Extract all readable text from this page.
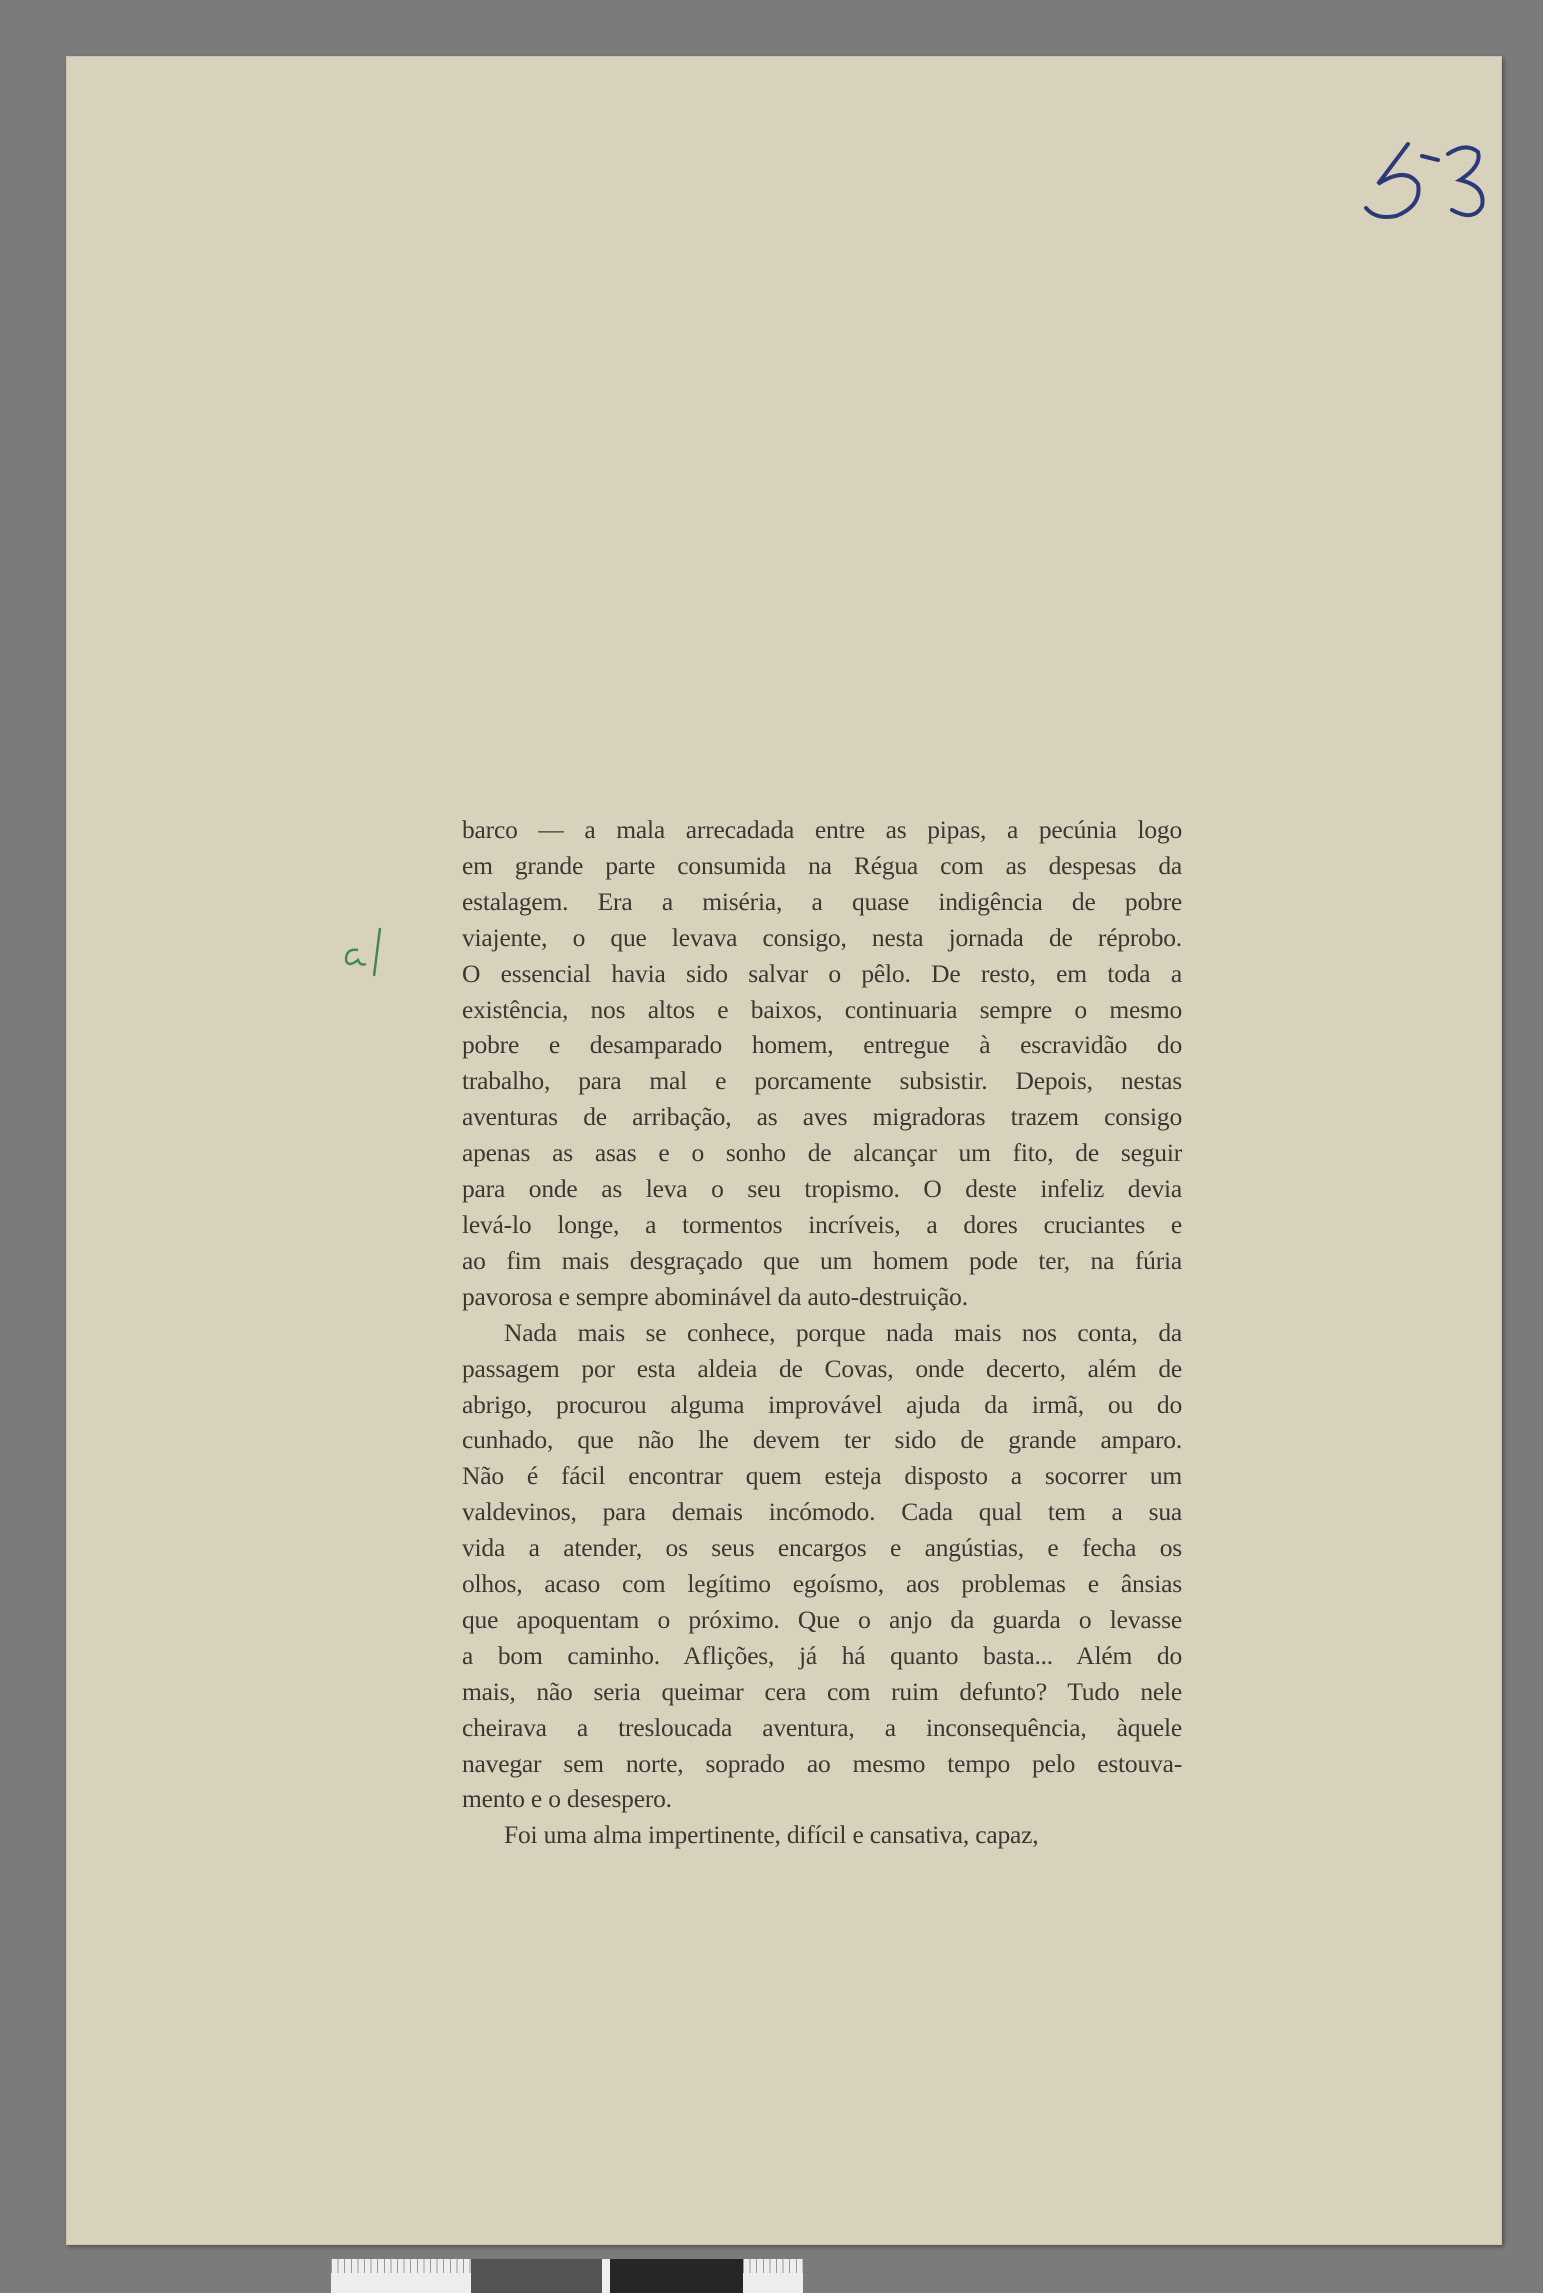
barco — a mala arrecadada entre as pipas, a pecúnia logo
em grande parte consumida na Régua com as despesas da
estalagem. Era a miséria, a quase indigência de pobre
viajente, o que levava consigo, nesta jornada de réprobo.
O essencial havia sido salvar o pêlo. De resto, em toda a
existência, nos altos e baixos, continuaria sempre o mesmo
pobre e desamparado homem, entregue à escravidão do
trabalho, para mal e porcamente subsistir. Depois, nestas
aventuras de arribação, as aves migradoras trazem consigo
apenas as asas e o sonho de alcançar um fito, de seguir
para onde as leva o seu tropismo. O deste infeliz devia
levá-lo longe, a tormentos incríveis, a dores cruciantes e
ao fim mais desgraçado que um homem pode ter, na fúria
pavorosa e sempre abominável da auto-destruição.
Nada mais se conhece, porque nada mais nos conta, da
passagem por esta aldeia de Covas, onde decerto, além de
abrigo, procurou alguma improvável ajuda da irmã, ou do
cunhado, que não lhe devem ter sido de grande amparo.
Não é fácil encontrar quem esteja disposto a socorrer um
valdevinos, para demais incómodo. Cada qual tem a sua
vida a atender, os seus encargos e angústias, e fecha os
olhos, acaso com legítimo egoísmo, aos problemas e ânsias
que apoquentam o próximo. Que o anjo da guarda o levasse
a bom caminho. Aflições, já há quanto basta... Além do
mais, não seria queimar cera com ruim defunto? Tudo nele
cheirava a tresloucada aventura, a inconsequência, àquele
navegar sem norte, soprado ao mesmo tempo pelo estouva-
mento e o desespero.
Foi uma alma impertinente, difícil e cansativa, capaz,
